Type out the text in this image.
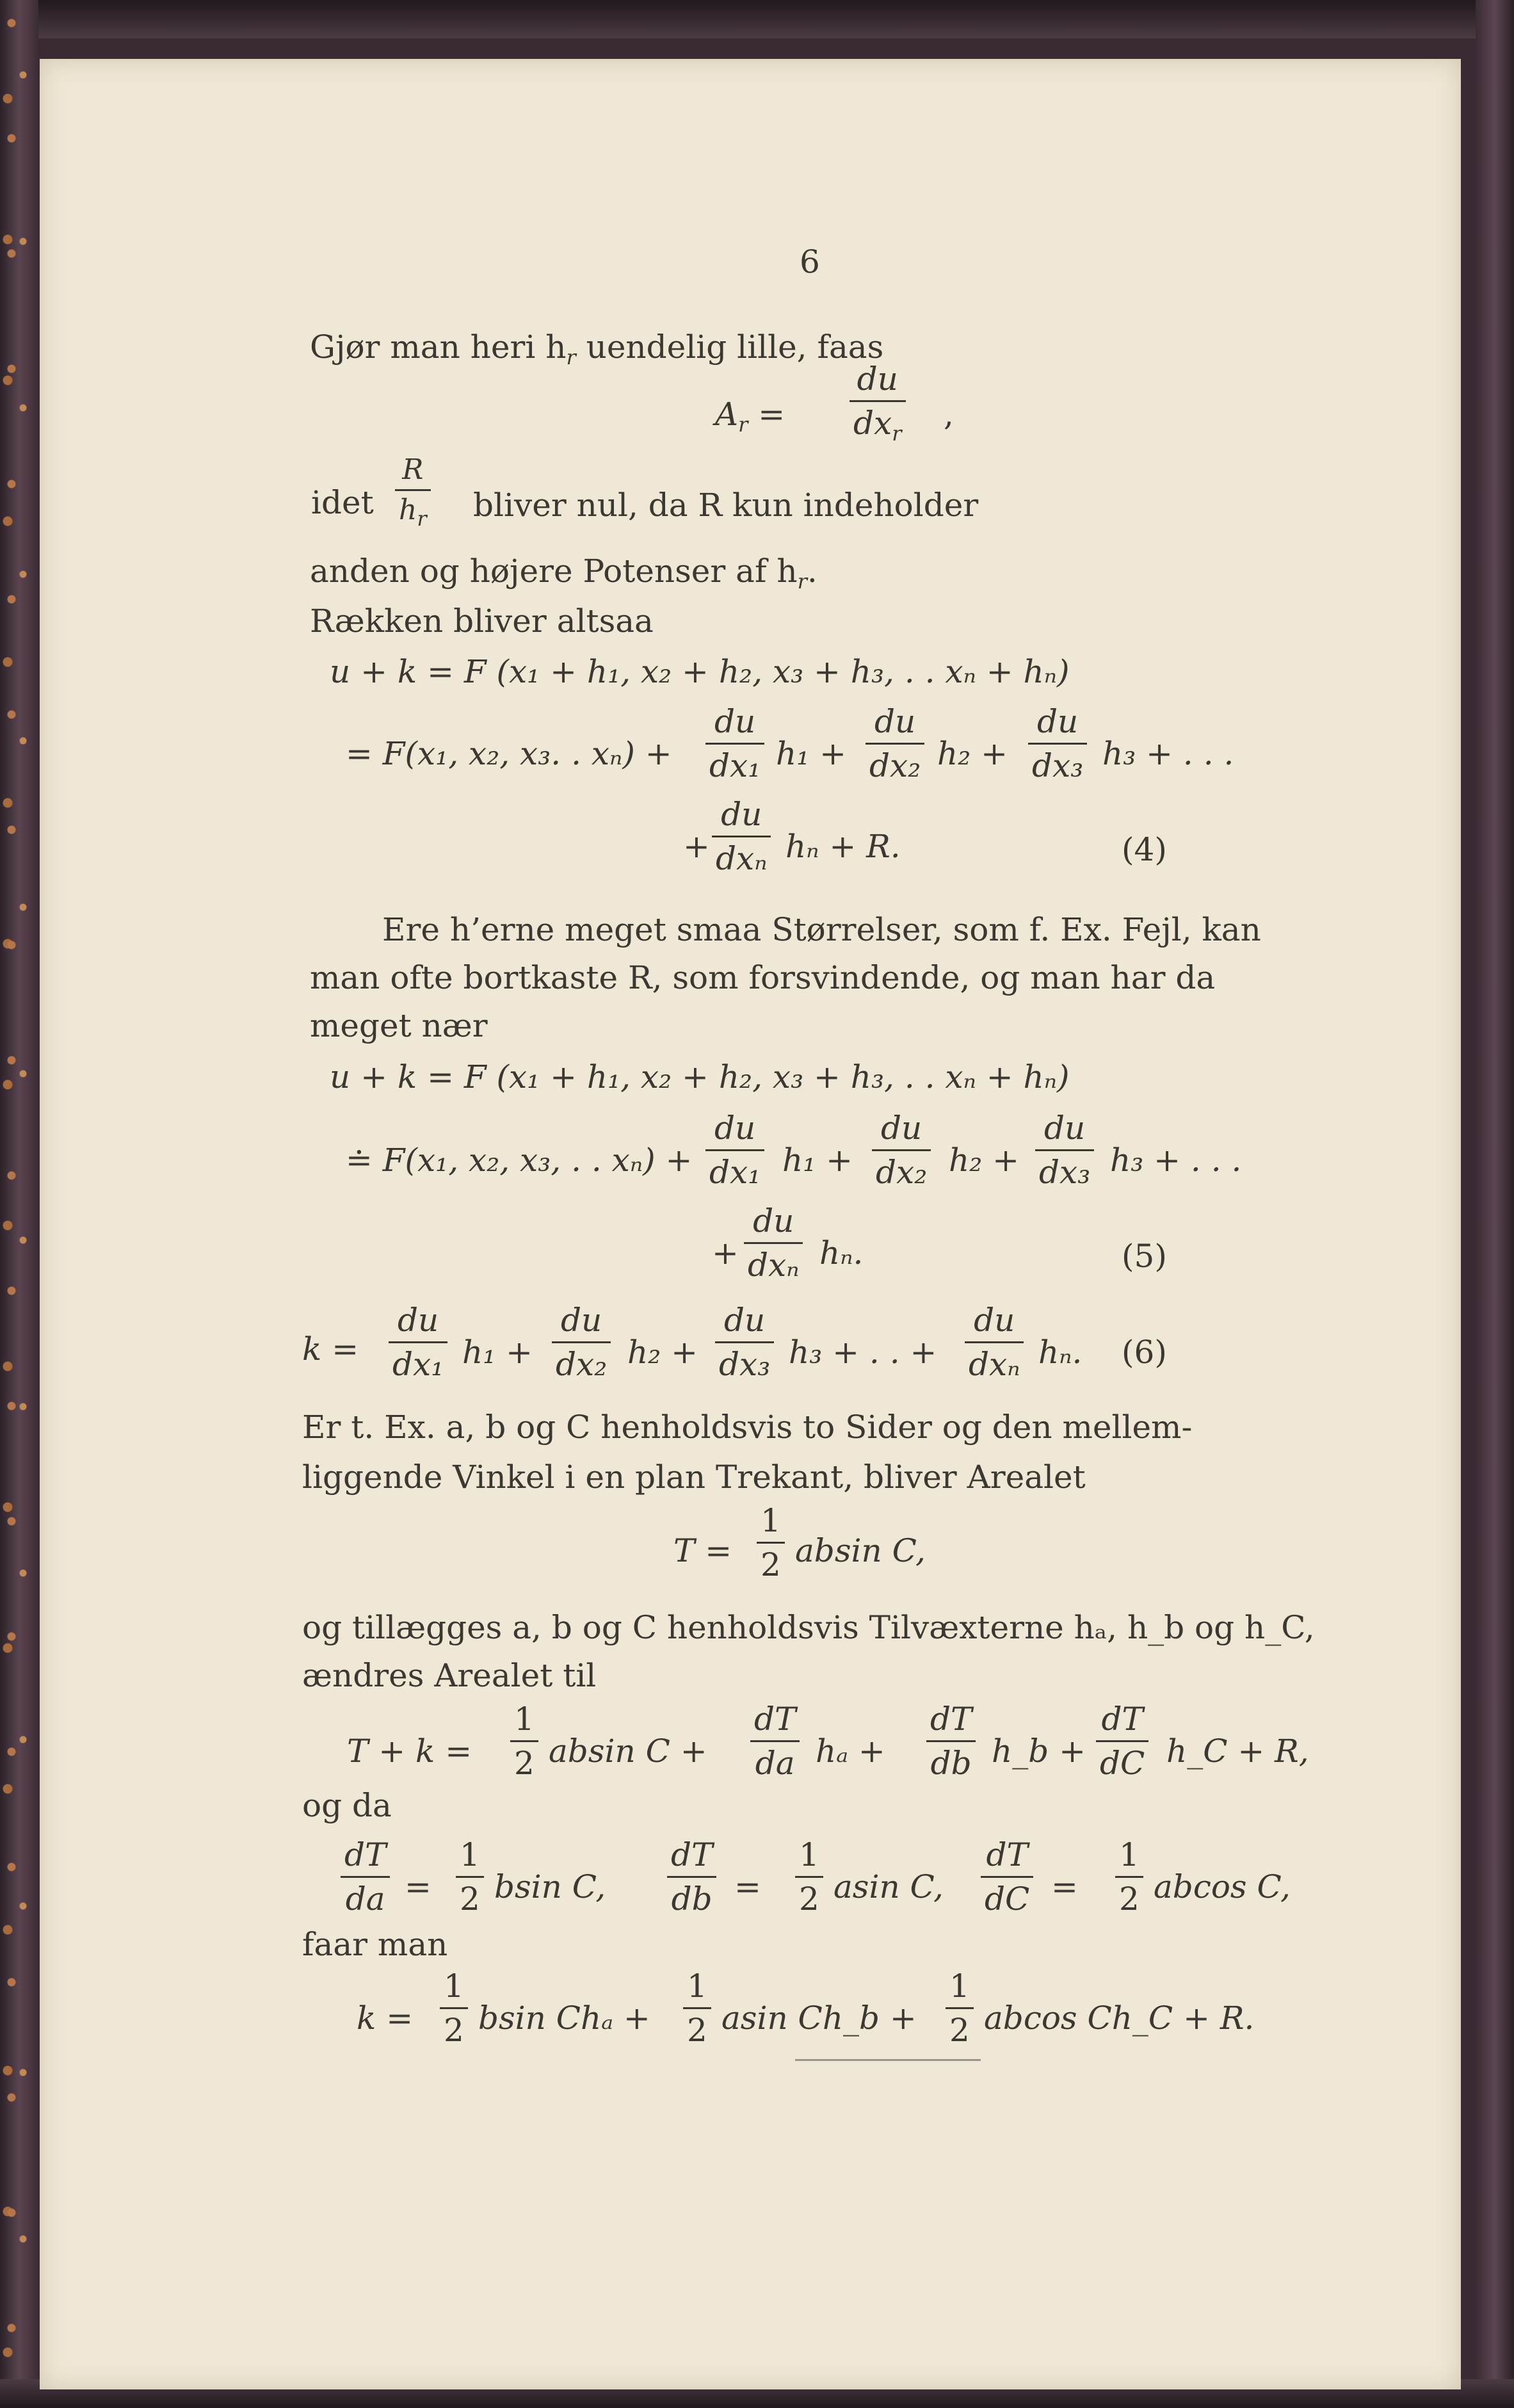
6
Gjør man heri $h_r$ uendelig lille, faas
$A_r$ =
du
$dx_r$
,
idet
R
$h_r$ bliver nul, da R kun indeholder
anden og højere Potenser af $h_r$.
Rækken bliver altsaa
u + k = F (x₁ + h₁, x₂ + h₂, x₃ + h₃, . . xₙ + hₙ)
= F(x₁, x₂, x₃. . xₙ) +
du
dx₁ h₁ +
du
dx₂ h₂ +
du
dx₃ h₃ + . . .
+
du
dxₙ hₙ + R.	(4)
Ere h’erne meget smaa Størrelser, som f. Ex. Fejl, kan
man ofte bortkaste R, som forsvindende, og man har da
meget nær
u + k = F (x₁ + h₁, x₂ + h₂, x₃ + h₃, . . xₙ + hₙ)
≐ F(x₁, x₂, x₃, . . xₙ) +
du
dx₁ h₁ +
du
dx₂ h₂ +
du
dx₃ h₃ + . . .
+
du
dxₙ hₙ.	(5)
k =
du
dx₁ h₁ +
du
dx₂ h₂ +
du
dx₃ h₃ + . . +
du
dxₙ hₙ. (6)
Er t. Ex. a, b og C henholdsvis to Sider og den mellem-
liggende Vinkel i en plan Trekant, bliver Arealet
T =
1
2 absin C,
og tillægges a, b og C henholdsvis Tilvæxterne hₐ, h_b og h_C,
ændres Arealet til
T + k =
1
2 absin C +
dT
da hₐ +
dT
db h_b +
dT
dC h_C + R,
og da
dT
da =
1
2 bsin C,
dT
db =
1
2 asin C,
dT
dC =
1
2 abcos C,
faar man
k =
1
2 bsin Chₐ +
1
2 asin Ch_b +
1
2 abcos Ch_C + R.
